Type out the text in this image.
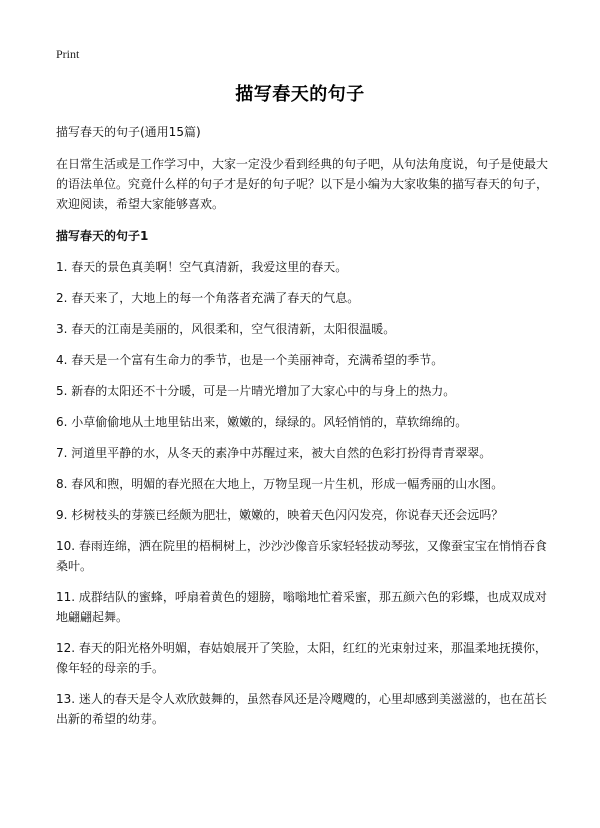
Print
描写春天的句子

描写春天的句子(通用15篇)

在日常生活或是工作学习中，大家一定没少看到经典的句子吧，从句法角度说，句子是使最大的语法单位。究竟什么样的句子才是好的句子呢？以下是小编为大家收集的描写春天的句子，欢迎阅读，希望大家能够喜欢。

描写春天的句子1

1. 春天的景色真美啊！空气真清新，我爱这里的春天。

2. 春天来了，大地上的每一个角落者充满了春天的气息。

3. 春天的江南是美丽的，风很柔和，空气很清新，太阳很温暖。

4. 春天是一个富有生命力的季节，也是一个美丽神奇，充满希望的季节。

5. 新春的太阳还不十分暖，可是一片晴光增加了大家心中的与身上的热力。

6. 小草偷偷地从土地里钻出来，嫩嫩的，绿绿的。风轻悄悄的，草软绵绵的。

7. 河道里平静的水，从冬天的素净中苏醒过来，被大自然的色彩打扮得青青翠翠。

8. 春风和煦，明媚的春光照在大地上，万物呈现一片生机，形成一幅秀丽的山水图。

9. 杉树枝头的芽簇已经颇为肥壮，嫩嫩的，映着天色闪闪发亮，你说春天还会远吗？

10. 春雨连绵，洒在院里的梧桐树上，沙沙沙像音乐家轻轻拔动琴弦，又像蚕宝宝在悄悄吞食桑叶。

11. 成群结队的蜜蜂，呼扇着黄色的翅膀，嗡嗡地忙着采蜜，那五颜六色的彩蝶，也成双成对地翩翩起舞。

12. 春天的阳光格外明媚，春姑娘展开了笑脸，太阳，红红的光束射过来，那温柔地抚摸你，像年轻的母亲的手。

13. 迷人的春天是令人欢欣鼓舞的，虽然春风还是冷飕飕的，心里却感到美滋滋的，也在茁长出新的希望的幼芽。
